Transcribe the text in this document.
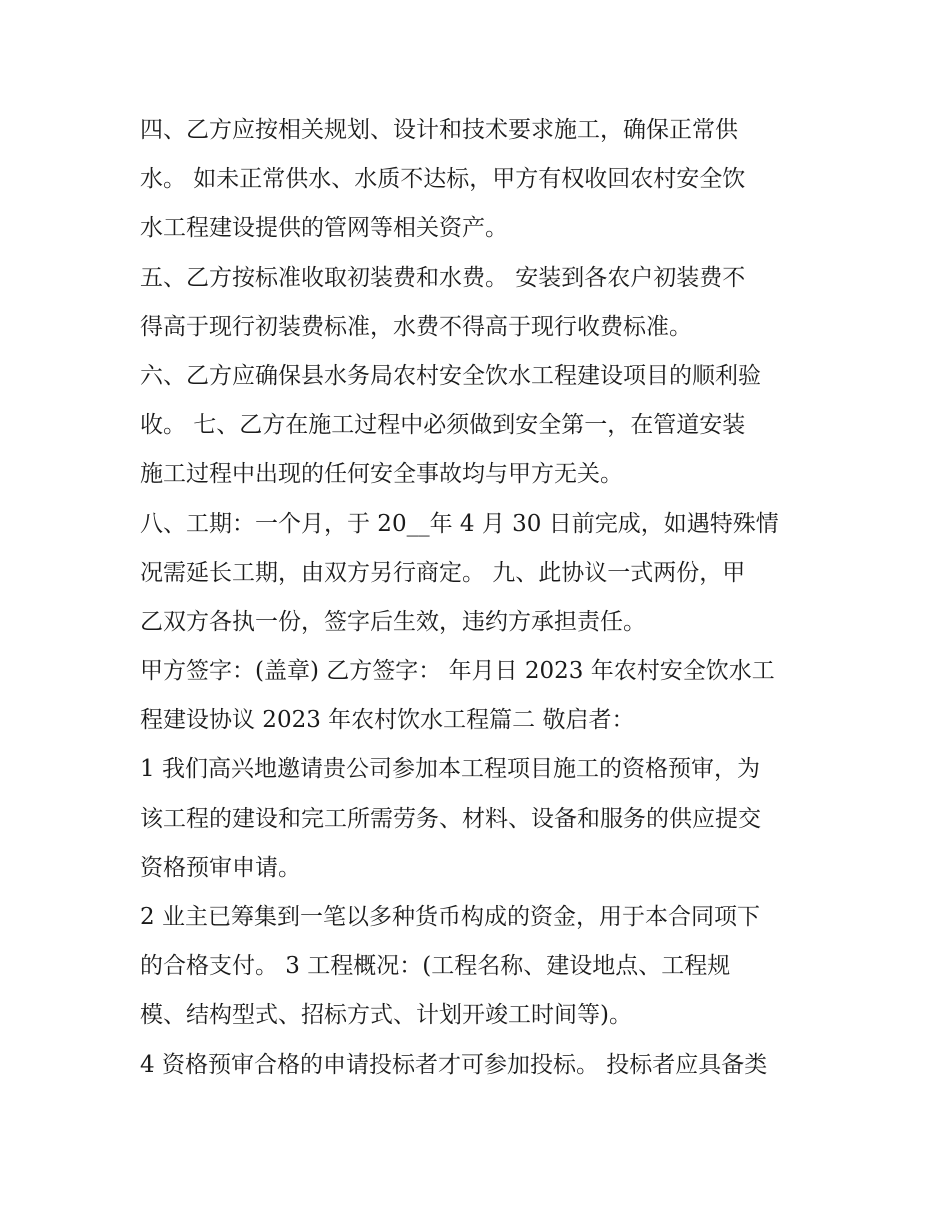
四、乙方应按相关规划、设计和技术要求施工，确保正常供
水。 如未正常供水、水质不达标，甲方有权收回农村安全饮
水工程建设提供的管网等相关资产。
五、乙方按标准收取初装费和水费。 安装到各农户初装费不
得高于现行初装费标准，水费不得高于现行收费标准。
六、乙方应确保县水务局农村安全饮水工程建设项目的顺利验
收。 七、乙方在施工过程中必须做到安全第一，在管道安装
施工过程中出现的任何安全事故均与甲方无关。
八、工期：一个月，于 20__年 4 月 30 日前完成，如遇特殊情
况需延长工期，由双方另行商定。 九、此协议一式两份，甲
乙双方各执一份，签字后生效，违约方承担责任。
甲方签字：(盖章) 乙方签字： 年月日 2023 年农村安全饮水工
程建设协议 2023 年农村饮水工程篇二 敬启者：
1 我们高兴地邀请贵公司参加本工程项目施工的资格预审，为
该工程的建设和完工所需劳务、材料、设备和服务的供应提交
资格预审申请。
2 业主已筹集到一笔以多种货币构成的资金，用于本合同项下
的合格支付。 3 工程概况：(工程名称、建设地点、工程规
模、结构型式、招标方式、计划开竣工时间等)。
4 资格预审合格的申请投标者才可参加投标。 投标者应具备类
